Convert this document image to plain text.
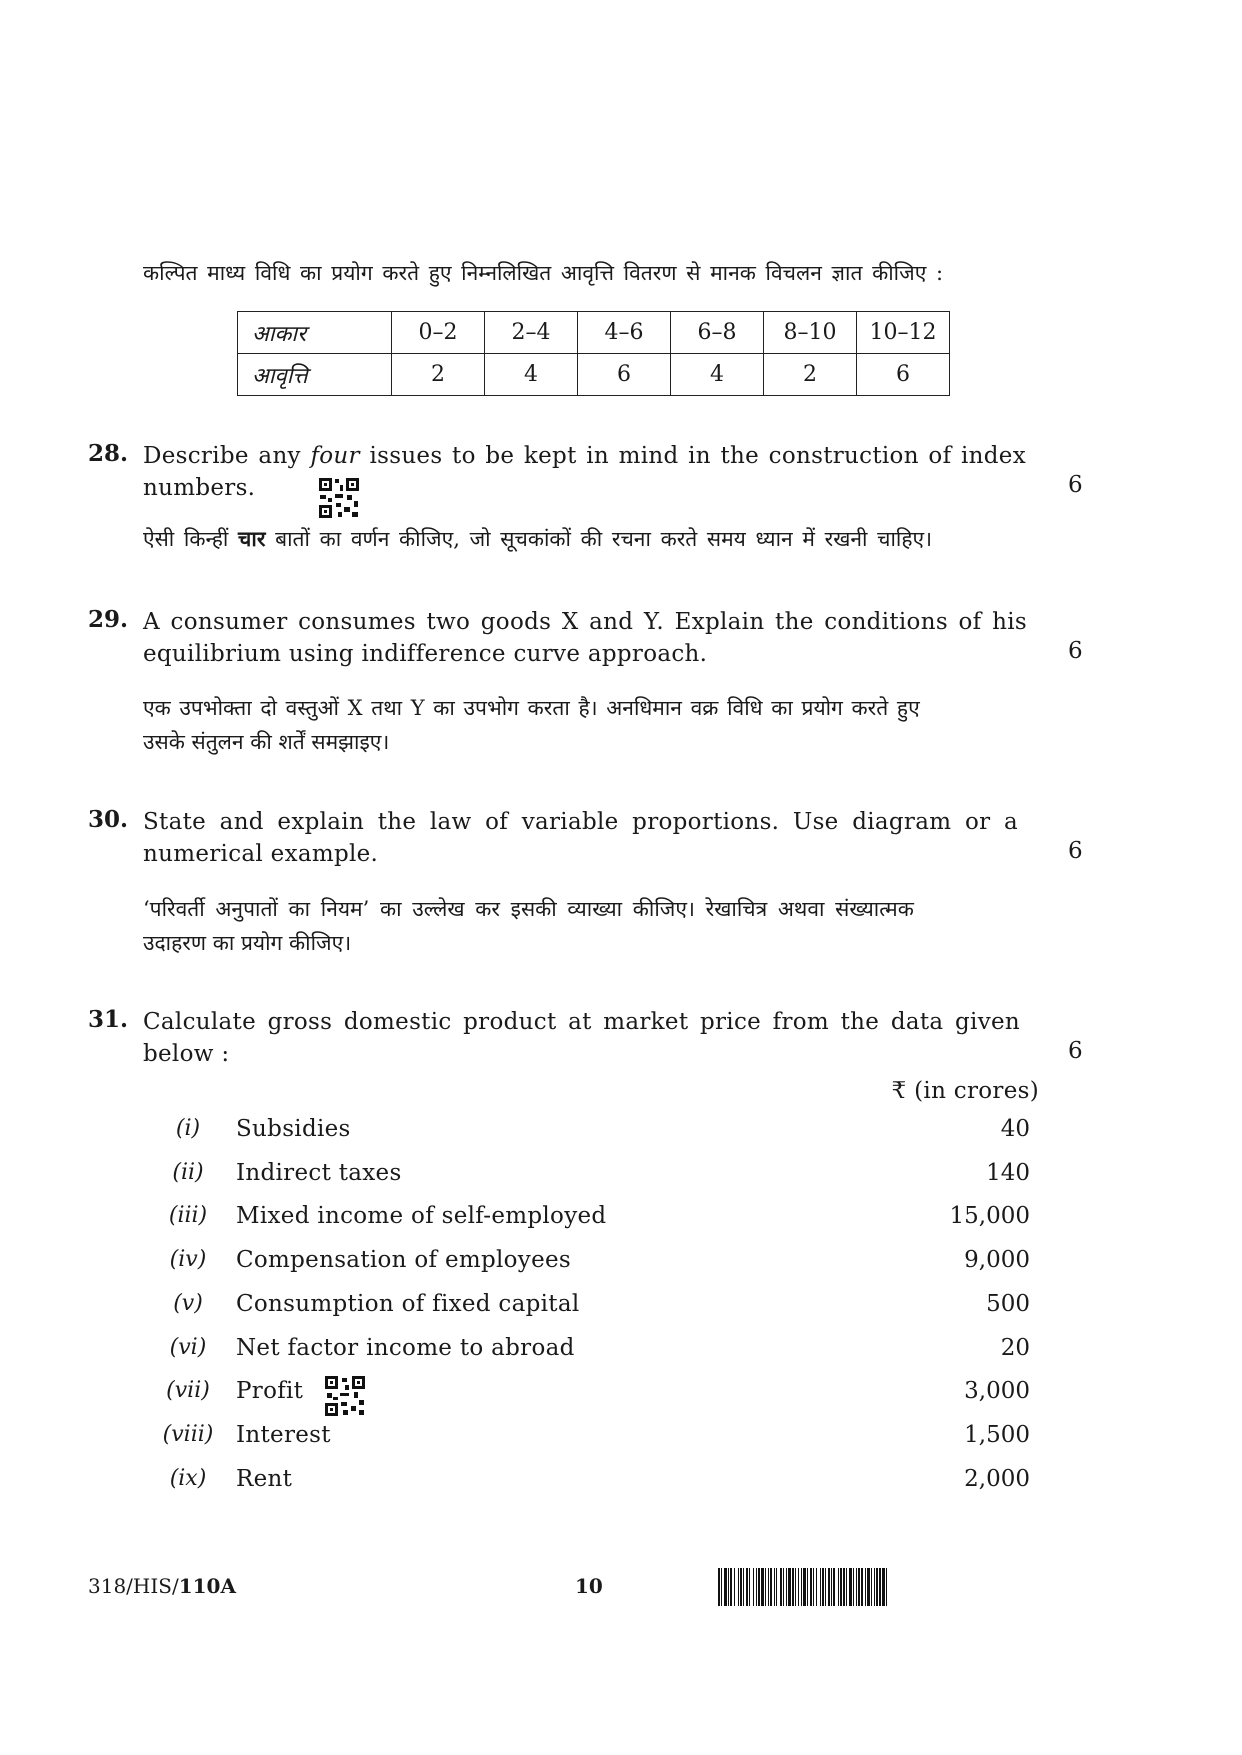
कल्पित माध्य विधि का प्रयोग करते हुए निम्नलिखित आवृत्ति वितरण से मानक विचलन ज्ञात कीजिए :
आकार	0–2	2–4	4–6	6–8	8–10	10–12
आवृत्ति	2	4	6	4	2	6
28. Describe any four issues to be kept in mind in the construction of index
numbers.	6
ऐसी किन्हीं चार बातों का वर्णन कीजिए, जो सूचकांकों की रचना करते समय ध्यान में रखनी चाहिए।
29. A consumer consumes two goods X and Y. Explain the conditions of his
equilibrium using indifference curve approach.	6
एक उपभोक्ता दो वस्तुओं X तथा Y का उपभोग करता है। अनधिमान वक्र विधि का प्रयोग करते हुए
उसके संतुलन की शर्तें समझाइए।
30. State and explain the law of variable proportions. Use diagram or a
numerical example.	6
‘परिवर्ती अनुपातों का नियम’ का उल्लेख कर इसकी व्याख्या कीजिए। रेखाचित्र अथवा संख्यात्मक
उदाहरण का प्रयोग कीजिए।
31. Calculate gross domestic product at market price from the data given
below :	6
₹ (in crores)
(i)	Subsidies	40
(ii)	Indirect taxes	140
(iii) Mixed income of self-employed	15,000
(iv)	Compensation of employees	9,000
(v)	Consumption of fixed capital	500
(vi)	Net factor income to abroad	20
(vii) Profit	3,000
(viii) Interest	1,500
(ix)	Rent	2,000
318/HIS/110A	10
